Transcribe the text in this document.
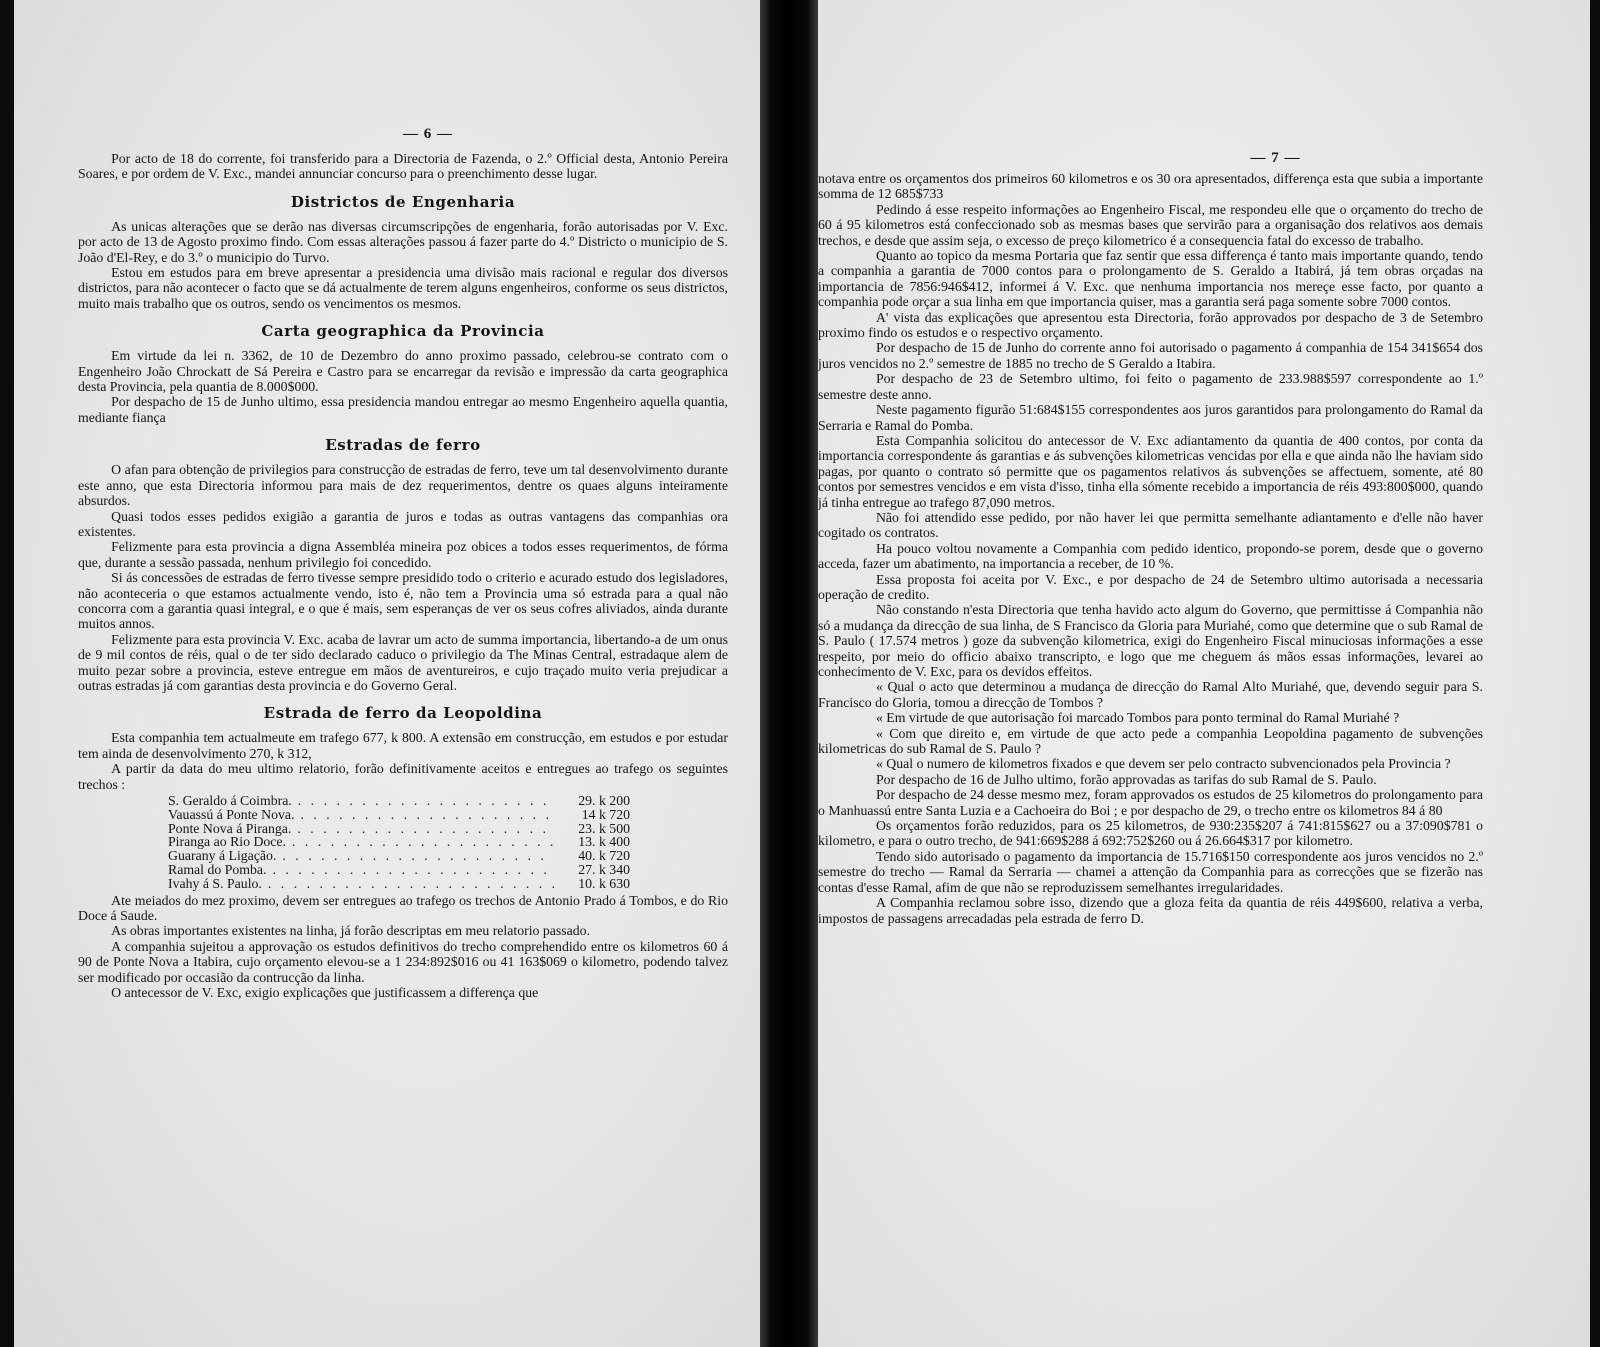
— 6 —

Por acto de 18 do corrente, foi transferido para a Directoria de Fazenda, o 2.º Official desta, Antonio Pereira Soares, e por ordem de V. Exc., mandei annunciar concurso para o preenchimento desse lugar.

Districtos de Engenharia

As unicas alterações que se derão nas diversas circumscripções de engenharia, forão autorisadas por V. Exc. por acto de 13 de Agosto proximo findo. Com essas alterações passou á fazer parte do 4.º Districto o municipio de S. João d'El-Rey, e do 3.º o municipio do Turvo.

Estou em estudos para em breve apresentar a presidencia uma divisão mais racional e regular dos diversos districtos, para não acontecer o facto que se dá actualmente de terem alguns engenheiros, conforme os seus districtos, muito mais trabalho que os outros, sendo os vencimentos os mesmos.

Carta geographica da Provincia

Em virtude da lei n. 3362, de 10 de Dezembro do anno proximo passado, celebrou-se contrato com o Engenheiro João Chrockatt de Sá Pereira e Castro para se encarregar da revisão e impressão da carta geographica desta Provincia, pela quantia de 8.000$000.

Por despacho de 15 de Junho ultimo, essa presidencia mandou entregar ao mesmo Engenheiro aquella quantia, mediante fiança

Estradas de ferro

O afan para obtenção de privilegios para construcção de estradas de ferro, teve um tal desenvolvimento durante este anno, que esta Directoria informou para mais de dez requerimentos, dentre os quaes alguns inteiramente absurdos.

Quasi todos esses pedidos exigião a garantia de juros e todas as outras vantagens das companhias ora existentes.

Felizmente para esta provincia a digna Assembléa mineira poz obices a todos esses requerimentos, de fórma que, durante a sessão passada, nenhum privilegio foi concedido.

Si ás concessões de estradas de ferro tivesse sempre presidido todo o criterio e acurado estudo dos legisladores, não aconteceria o que estamos actualmente vendo, isto é, não tem a Provincia uma só estrada para a qual não concorra com a garantia quasi integral, e o que é mais, sem esperanças de ver os seus cofres aliviados, ainda durante muitos annos.

Felizmente para esta provincia V. Exc. acaba de lavrar um acto de summa importancia, libertando-a de um onus de 9 mil contos de réis, qual o de ter sido declarado caduco o privilegio da The Minas Central, estradaque alem de muito pezar sobre a provincia, esteve entregue em mãos de aventureiros, e cujo traçado muito veria prejudicar a outras estradas já com garantias desta provincia e do Governo Geral.

Estrada de ferro da Leopoldina

Esta companhia tem actualmeute em trafego 677, k 800. A extensão em construcção, em estudos e por estudar tem ainda de desenvolvimento 270, k 312,

A partir da data do meu ultimo relatorio, forão definitivamente aceitos e entregues ao trafego os seguintes trechos :

S. Geraldo á Coimbra. . . .	29. k 200
Vauassú á Ponte Nova. . . .	14 k 720
Ponte Nova á Piranga. . . .	23. k 500
Piranga ao Rio Doce. . . .	13. k 400
Guarany á Ligação. . . .	40. k 720
Ramal do Pomba. . . .	27. k 340
Ivahy á S. Paulo. . . .	10. k 630

Ate meiados do mez proximo, devem ser entregues ao trafego os trechos de Antonio Prado á Tombos, e do Rio Doce á Saude.

As obras importantes existentes na linha, já forão descriptas em meu relatorio passado.

A companhia sujeitou a approvação os estudos definitivos do trecho comprehendido entre os kilometros 60 á 90 de Ponte Nova a Itabira, cujo orçamento elevou-se a 1 234:892$016 ou 41 163$069 o kilometro, podendo talvez ser modificado por occasião da contrucção da linha.

O antecessor de V. Exc, exigio explicações que justificassem a differença que

— 7 —

notava entre os orçamentos dos primeiros 60 kilometros e os 30 ora apresentados, differença esta que subia a importante somma de 12 685$733

Pedindo á esse respeito informações ao Engenheiro Fiscal, me respondeu elle que o orçamento do trecho de 60 á 95 kilometros está confeccionado sob as mesmas bases que servirão para a organisação dos relativos aos demais trechos, e desde que assim seja, o excesso de preço kilometrico é a consequencia fatal do excesso de trabalho.

Quanto ao topico da mesma Portaria que faz sentir que essa differença é tanto mais importante quando, tendo a companhia a garantia de 7000 contos para o prolongamento de S. Geraldo a Itabirá, já tem obras orçadas na importancia de 7856:946$412, informei á V. Exc. que nenhuma importancia nos mereçe esse facto, por quanto a companhia pode orçar a sua linha em que importancia quiser, mas a garantia será paga somente sobre 7000 contos.

A' vista das explicações que apresentou esta Directoria, forão approvados por despacho de 3 de Setembro proximo findo os estudos e o respectivo orçamento.

Por despacho de 15 de Junho do corrente anno foi autorisado o pagamento á companhia de 154 341$654 dos juros vencidos no 2.º semestre de 1885 no trecho de S Geraldo a Itabira.

Por despacho de 23 de Setembro ultimo, foi feito o pagamento de 233.988$597 correspondente ao 1.º semestre deste anno.

Neste pagamento figurão 51:684$155 correspondentes aos juros garantidos para prolongamento do Ramal da Serraria e Ramal do Pomba.

Esta Companhia solicitou do antecessor de V. Exc adiantamento da quantia de 400 contos, por conta da importancia correspondente ás garantias e ás subvenções kilometricas vencidas por ella e que ainda não lhe haviam sido pagas, por quanto o contrato só permitte que os pagamentos relativos ás subvenções se affectuem, somente, até 80 contos por semestres vencidos e em vista d'isso, tinha ella sómente recebido a importancia de réis 493:800$000, quando já tinha entregue ao trafego 87,090 metros.

Não foi attendido esse pedido, por não haver lei que permitta semelhante adiantamento e d'elle não haver cogitado os contratos.

Ha pouco voltou novamente a Companhia com pedido identico, propondo-se porem, desde que o governo acceda, fazer um abatimento, na importancia a receber, de 10 %.

Essa proposta foi aceita por V. Exc., e por despacho de 24 de Setembro ultimo autorisada a necessaria operação de credito.

Não constando n'esta Directoria que tenha havido acto algum do Governo, que permittisse á Companhia não só a mudança da direcção de sua linha, de S Francisco da Gloria para Muriahé, como que determine que o sub Ramal de S. Paulo ( 17.574 metros ) goze da subvenção kilometrica, exigi do Engenheiro Fiscal minuciosas informações a esse respeito, por meio do officio abaixo transcripto, e logo que me cheguem ás mãos essas informações, levarei ao conhecimento de V. Exc, para os devidos effeitos.

« Qual o acto que determinou a mudança de direcção do Ramal Alto Muriahé, que, devendo seguir para S. Francisco do Gloria, tomou a direcção de Tombos ?

« Em virtude de que autorisação foi marcado Tombos para ponto terminal do Ramal Muriahé ?

« Com que direito e, em virtude de que acto pede a companhia Leopoldina pagamento de subvenções kilometricas do sub Ramal de S. Paulo ?

« Qual o numero de kilometros fixados e que devem ser pelo contracto subvencionados pela Provincia ?

Por despacho de 16 de Julho ultimo, forão approvadas as tarifas do sub Ramal de S. Paulo.

Por despacho de 24 desse mesmo mez, foram approvados os estudos de 25 kilometros do prolongamento para o Manhuassú entre Santa Luzia e a Cachoeira do Boi ; e por despacho de 29, o trecho entre os kilometros 84 á 80

Os orçamentos forão reduzidos, para os 25 kilometros, de 930:235$207 á 741:815$627 ou a 37:090$781 o kilometro, e para o outro trecho, de 941:669$288 á 692:752$260 ou á 26.664$317 por kilometro.

Tendo sido autorisado o pagamento da importancia de 15.716$150 correspondente aos juros vencidos no 2.º semestre do trecho — Ramal da Serraria — chamei a attenção da Companhia para as correcções que se fizerão nas contas d'esse Ramal, afim de que não se reproduzissem semelhantes irregularidades.

A Companhia reclamou sobre isso, dizendo que a gloza feita da quantia de réis 449$600, relativa a verba, impostos de passagens arrecadadas pela estrada de ferro D.
